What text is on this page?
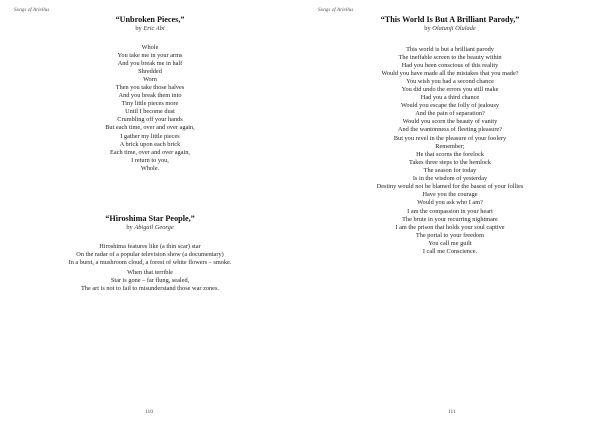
Songs of Ariellus
“Unbroken Pieces,”
by Eric Abi
Whole
You take me in your arms
And you break me in half
Shredded
Worn
Then you take those halves
And you break them into
Tiny little pieces more
Until I become dust
Crumbling off your hands
But each time, over and over again,
I gather my little pieces
A brick upon each brick
Each time, over and over again,
I return to you,
Whole.
“Hiroshima Star People,”
by Abigail George
Hiroshima features like (a thin scar) star
On the radar of a popular television show (a documentary)
In a burst, a mushroom cloud, a forest of white flowers – smoke.
When that terrible
Star is gone – far flung, sealed,
The art is not to fail to misunderstand those war zones.
110
Songs of Ariellus
“This World Is But A Brilliant Parody,”
by Olatunji Olulade
This world is but a brilliant parody
The ineffable screen to the beauty within
Had you been conscious of this reality
Would you have made all the mistakes that you made?
You wish you had a second chance
You did undo the errors you still make
Had you a third chance
Would you escape the folly of jealousy
And the pain of separation?
Would you scorn the beauty of vanity
And the wantonness of fleeting pleasure?
But you revel in the pleasure of your foolery
Remember;
He that scorns the forelock
Takes three steps to the hemlock
The season for today
Is in the wisdom of yesterday
Destiny would not be blamed for the basest of your follies
Have you the courage
Would you ask who I am?
I am the compassion in your heart
The brute in your recurring nightmare
I am the prison that holds your soul captive
The portal to your freedom
You call me guilt
I call me Conscience.
111
